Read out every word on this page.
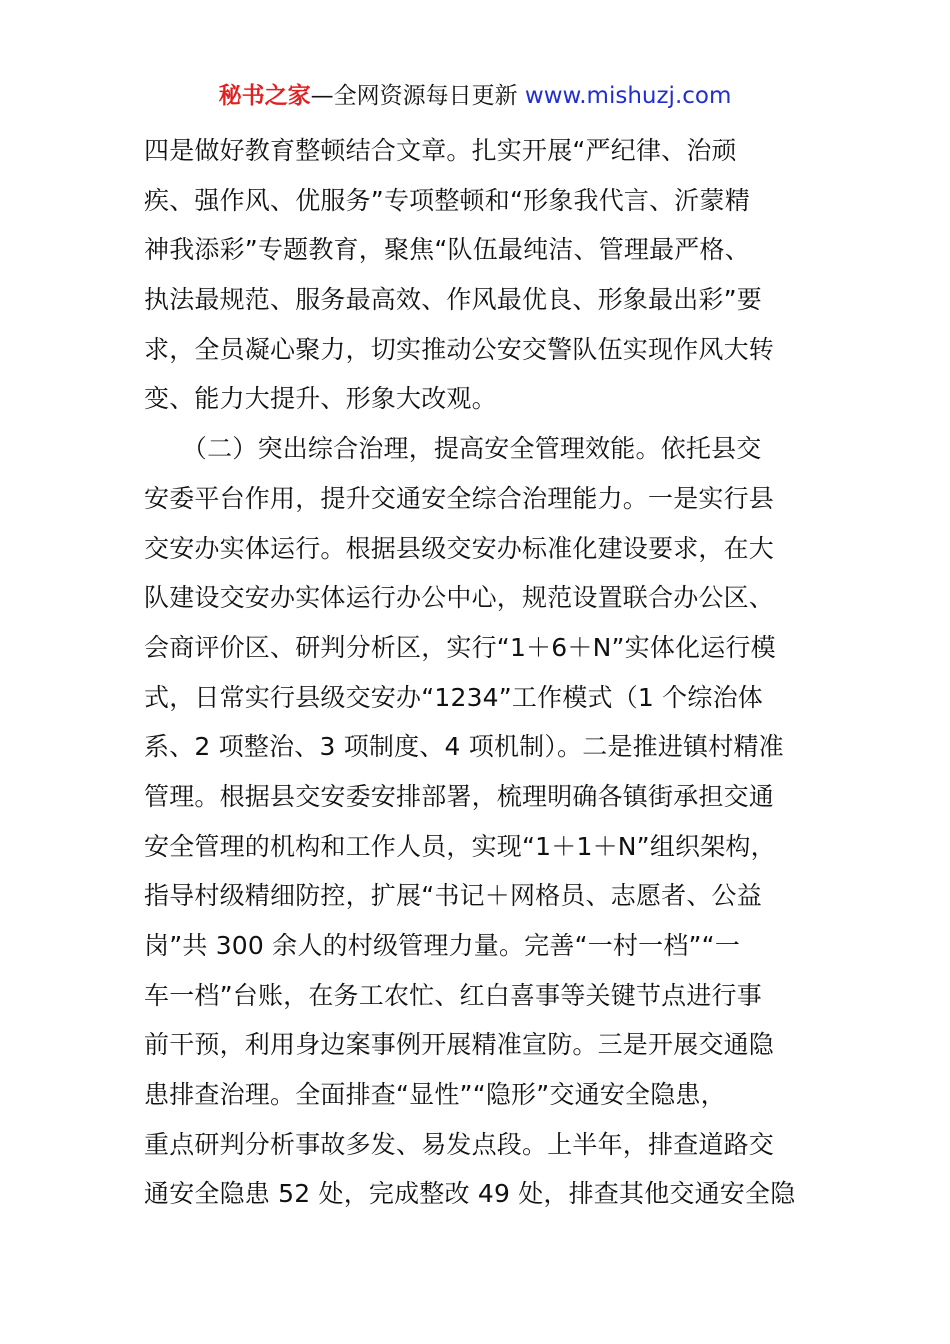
秘书之家—全网资源每日更新 www.mishuzj.com
四是做好教育整顿结合文章。扎实开展“严纪律、治顽
疾、强作风、优服务”专项整顿和“形象我代言、沂蒙精
神我添彩”专题教育，聚焦“队伍最纯洁、管理最严格、
执法最规范、服务最高效、作风最优良、形象最出彩”要
求，全员凝心聚力，切实推动公安交警队伍实现作风大转
变、能力大提升、形象大改观。
　　（二）突出综合治理，提高安全管理效能。依托县交
安委平台作用，提升交通安全综合治理能力。一是实行县
交安办实体运行。根据县级交安办标准化建设要求，在大
队建设交安办实体运行办公中心，规范设置联合办公区、
会商评价区、研判分析区，实行“1＋6＋N”实体化运行模
式，日常实行县级交安办“1234”工作模式（1 个综治体
系、2 项整治、3 项制度、4 项机制）。二是推进镇村精准
管理。根据县交安委安排部署，梳理明确各镇街承担交通
安全管理的机构和工作人员，实现“1＋1＋N”组织架构，
指导村级精细防控，扩展“书记＋网格员、志愿者、公益
岗”共 300 余人的村级管理力量。完善“一村一档”“一
车一档”台账，在务工农忙、红白喜事等关键节点进行事
前干预，利用身边案事例开展精准宣防。三是开展交通隐
患排查治理。全面排查“显性”“隐形”交通安全隐患，
重点研判分析事故多发、易发点段。上半年，排查道路交
通安全隐患 52 处，完成整改 49 处，排查其他交通安全隐
